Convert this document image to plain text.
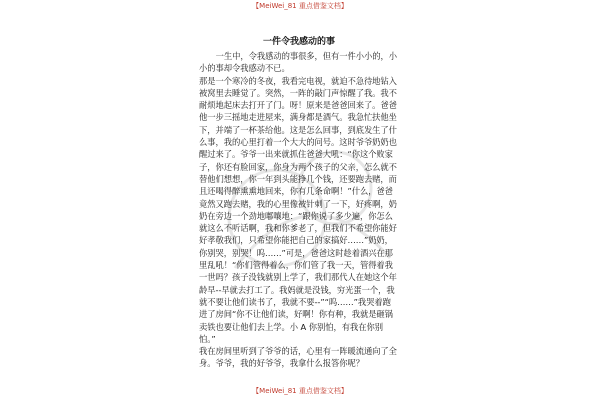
【MeiWei_81 重点借鉴文档】
一件令我感动的事

一生中，令我感动的事很多，但有一件小小的，小小的事却令我感动不已。

那是一个寒冷的冬夜，我看完电视，就迫不急待地钻入被窝里去睡觉了。突然，一阵的敲门声惊醒了我。我不耐烦地起床去打开了门。呀！原来是爸爸回来了。爸爸他一步三摇地走进屋来，满身都是酒气。我急忙扶他坐下，并端了一杯茶给他。这是怎么回事，到底发生了什么事，我的心里打着一个大大的问号。这时爷爷奶奶也醒过来了。爷爷一出来就抓住爸爸大吼：“你这个败家子，你还有脸回家，你身为两个孩子的父亲，怎么就不替他们想想，你一年到头能挣几个钱，还要跑去赌，而且还喝得醉熏熏地回来，你有几条命啊！”什么，爸爸竟然又跑去赌，我的心里像被针刺了一下，好疼啊，奶奶在旁边一个劲地嘟嚷地：“跟你说了多少遍，你怎么就这么不听话啊，我和你爹老了，但我们不希望你能好好孝敬我们，只希望你能把自己的家搞好……”奶奶，你别哭，别哭！呜……”可是，爸爸这时趁着酒兴在那里乱吼！“你们管得着么，你们管了我一天，管得着我一世吗？孩子没钱就别上学了，我们那代人在她这个年龄早--早就去打工了。我妈就是没钱，穷光蛋一个，我就不要让他们读书了，我就不要--”“呜……”我哭着跑进了房间“你不让他们读，好啊！你有种，我就是砸锅卖铁也要让他们去上学。小 A 你别怕，有我在你别怕。”

我在房间里听到了爷爷的话，心里有一阵暖流通向了全身。爷爷，我的好爷爷，我拿什么报答你呢？

【MeiWei_81 重点借鉴文档】
